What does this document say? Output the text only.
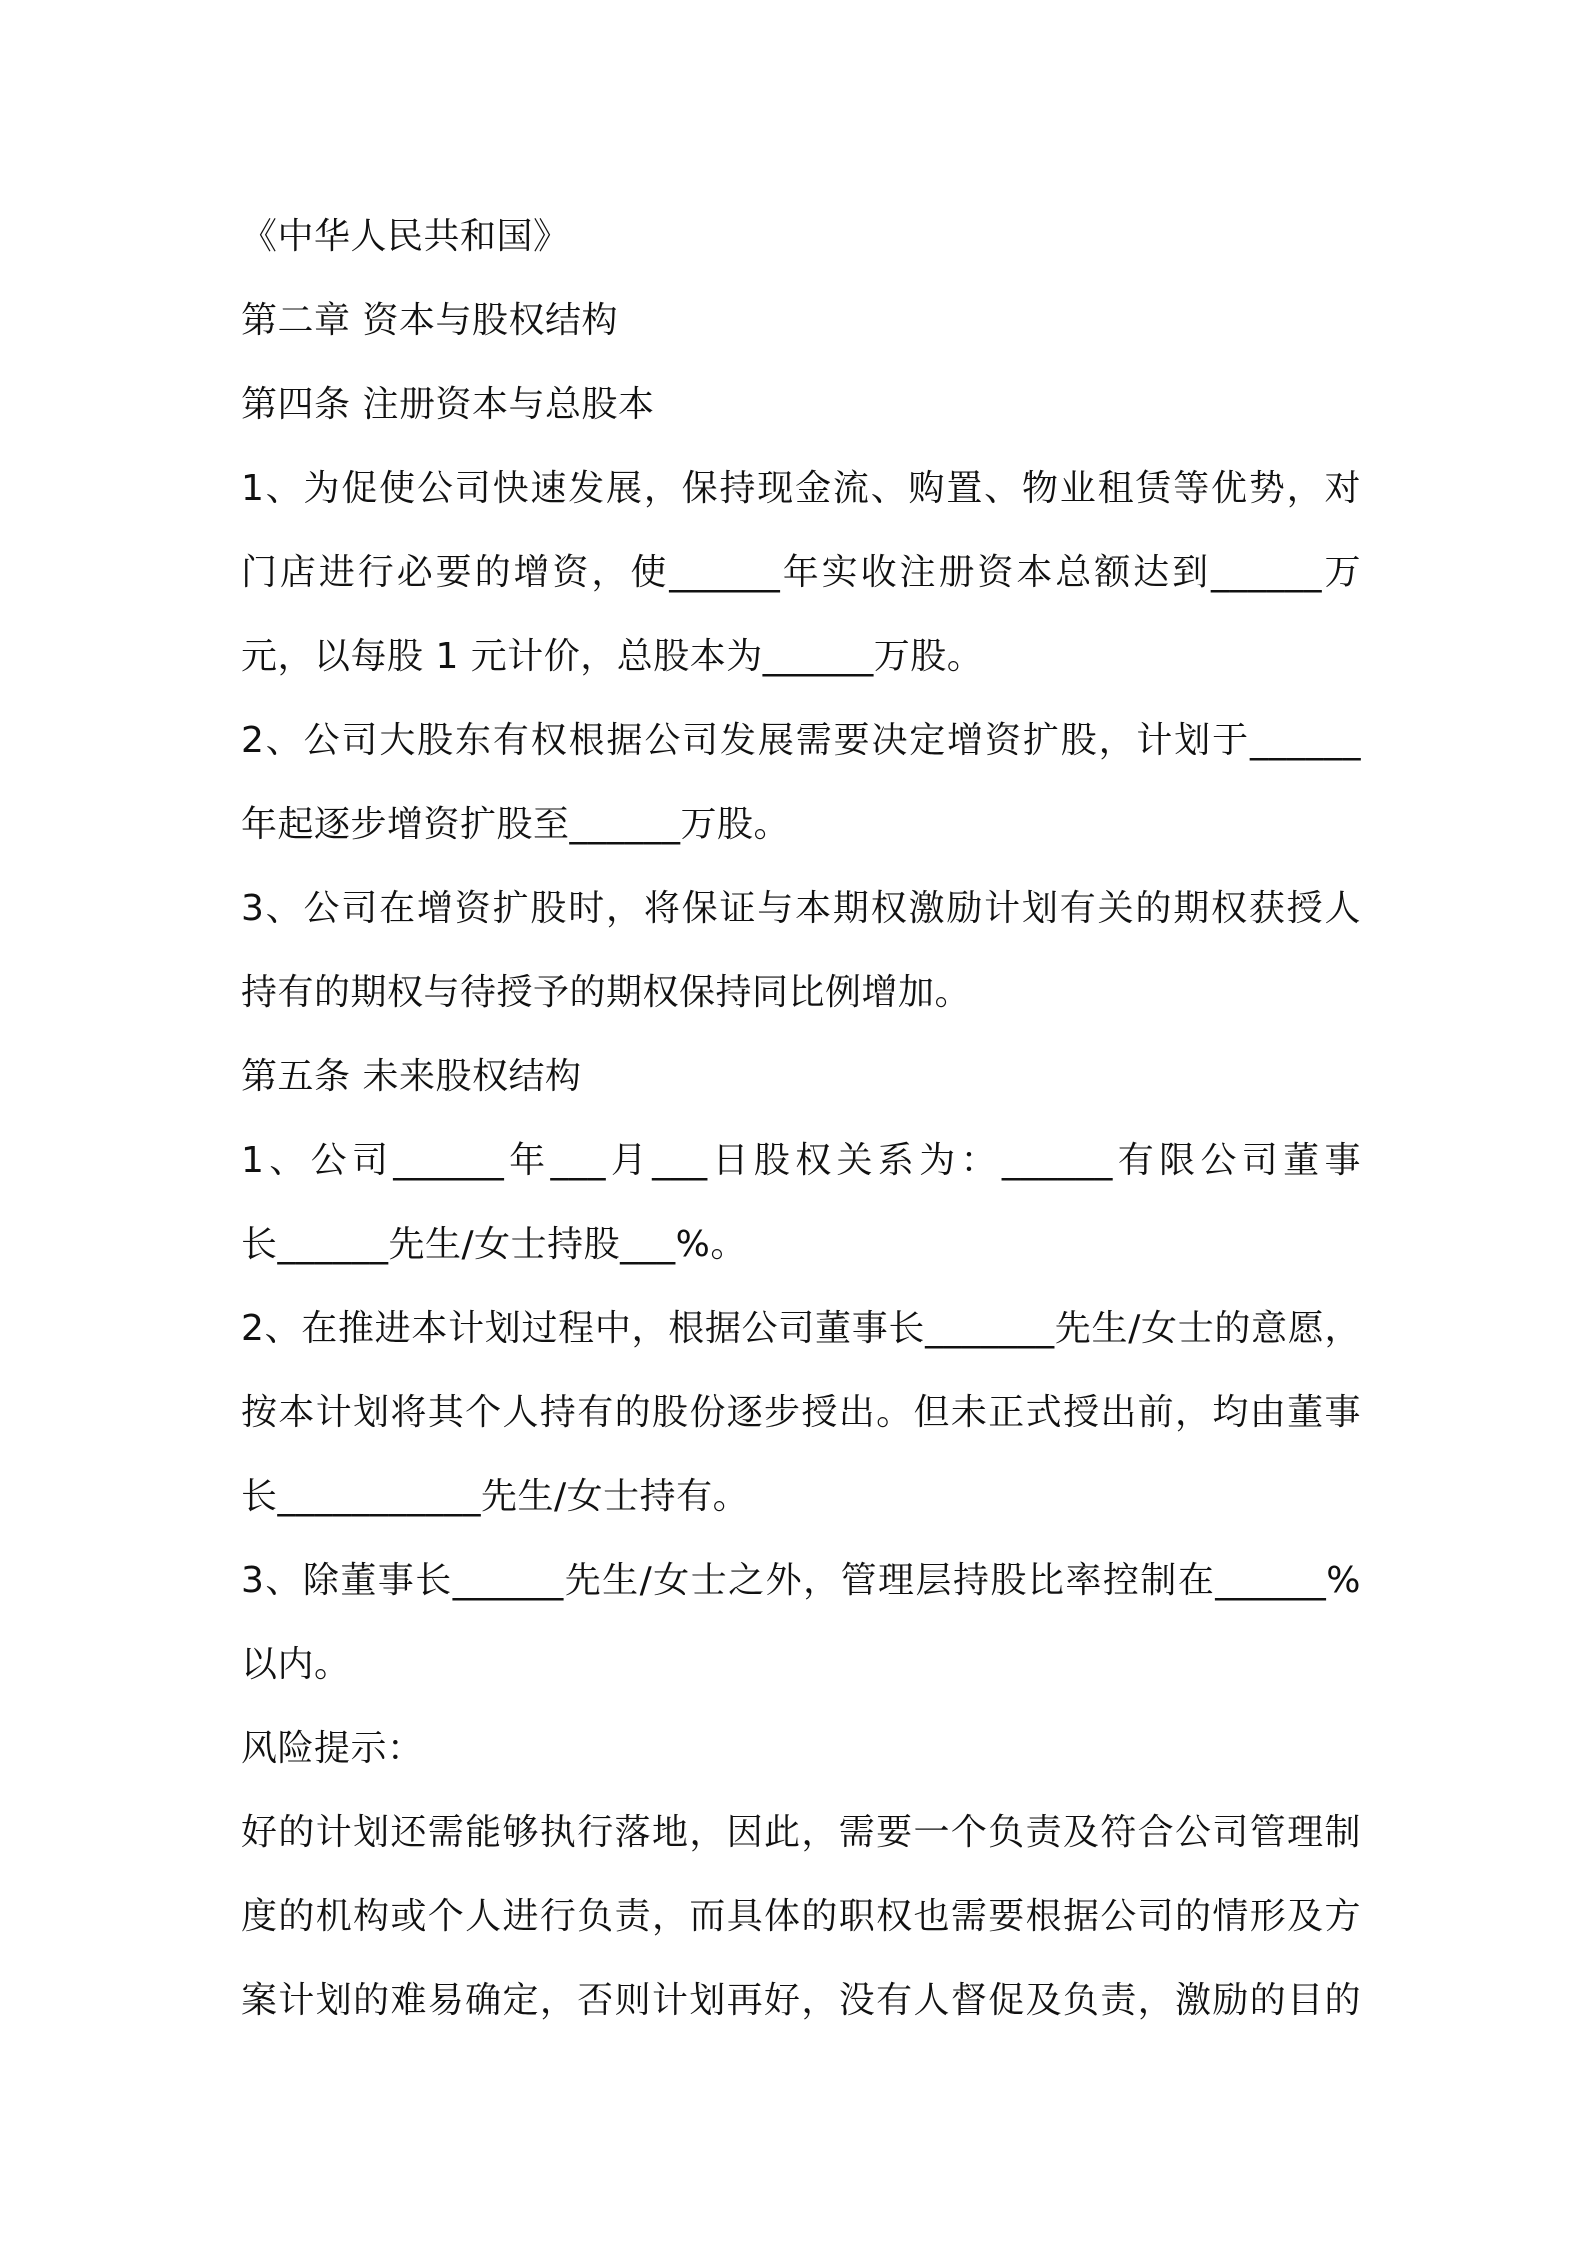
《中华人民共和国》
第二章 资本与股权结构
第四条 注册资本与总股本
1、为促使公司快速发展，保持现金流、购置、物业租赁等优势，对
门店进行必要的增资，使______年实收注册资本总额达到______万
元，以每股 1 元计价，总股本为______万股。
2、公司大股东有权根据公司发展需要决定增资扩股，计划于______
年起逐步增资扩股至______万股。
3、公司在增资扩股时，将保证与本期权激励计划有关的期权获授人
持有的期权与待授予的期权保持同比例增加。
第五条 未来股权结构
1、公司______年___月___日股权关系为：______有限公司董事
长______先生/女士持股___%。
2、在推进本计划过程中，根据公司董事长_______先生/女士的意愿，
按本计划将其个人持有的股份逐步授出。但未正式授出前，均由董事
长___________先生/女士持有。
3、除董事长______先生/女士之外，管理层持股比率控制在______%
以内。
风险提示：
好的计划还需能够执行落地，因此，需要一个负责及符合公司管理制
度的机构或个人进行负责，而具体的职权也需要根据公司的情形及方
案计划的难易确定，否则计划再好，没有人督促及负责，激励的目的
